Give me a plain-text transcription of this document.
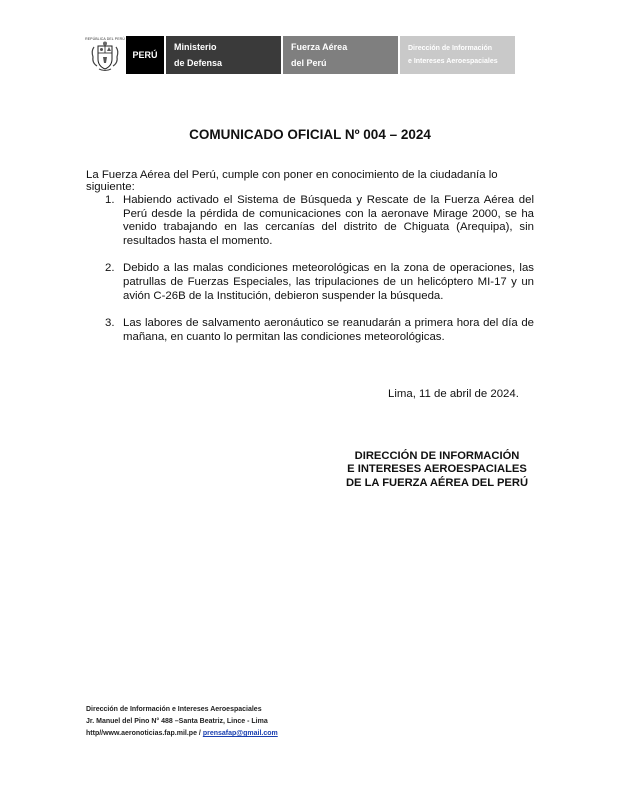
REPÚBLICA DEL PERÚ
PERÚ
Ministerio
de Defensa
Fuerza Aérea
del Perú
Dirección de Información
e Intereses Aeroespaciales
COMUNICADO OFICIAL Nº 004 – 2024
La Fuerza Aérea del Perú, cumple con poner en conocimiento de la ciudadanía lo siguiente:
1. Habiendo activado el Sistema de Búsqueda y Rescate de la Fuerza Aérea del Perú desde la pérdida de comunicaciones con la aeronave Mirage 2000, se ha venido trabajando en las cercanías del distrito de Chiguata (Arequipa), sin resultados hasta el momento.
2. Debido a las malas condiciones meteorológicas en la zona de operaciones, las patrullas de Fuerzas Especiales, las tripulaciones de un helicóptero MI-17 y un avión C-26B de la Institución, debieron suspender la búsqueda.
3. Las labores de salvamento aeronáutico se reanudarán a primera hora del día de mañana, en cuanto lo permitan las condiciones meteorológicas.
Lima, 11 de abril de 2024.
DIRECCIÓN DE INFORMACIÓN
E INTERESES AEROESPACIALES
DE LA FUERZA AÉREA DEL PERÚ
Dirección de Información e Intereses Aeroespaciales
Jr. Manuel del Pino N° 488 –Santa Beatriz, Lince - Lima
http//www.aeronoticias.fap.mil.pe / prensafap@gmail.com
